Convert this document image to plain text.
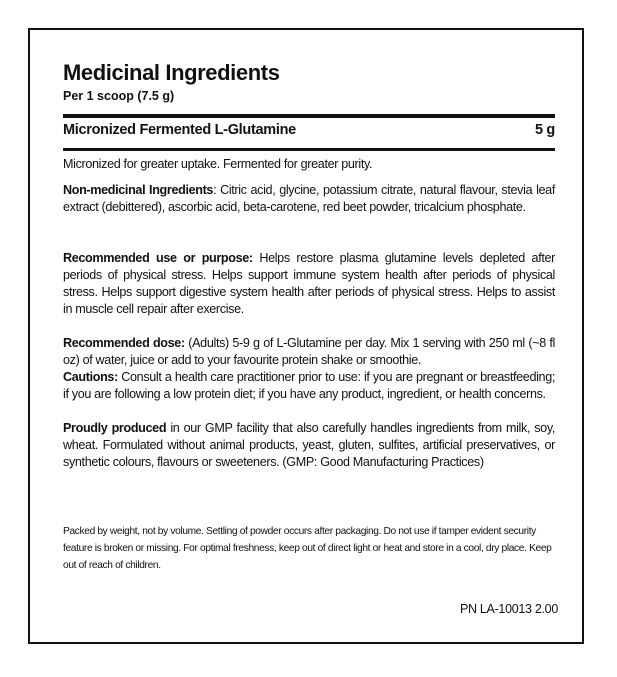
Medicinal Ingredients
Per 1 scoop (7.5 g)
Micronized Fermented L-Glutamine	5 g
Micronized for greater uptake. Fermented for greater purity.
Non-medicinal Ingredients: Citric acid, glycine, potassium citrate, natural flavour, stevia leaf extract (debittered), ascorbic acid, beta-carotene, red beet powder, tricalcium phosphate.
Recommended use or purpose: Helps restore plasma glutamine levels depleted after periods of physical stress. Helps support immune system health after periods of physical stress. Helps support digestive system health after periods of physical stress. Helps to assist in muscle cell repair after exercise.
Recommended dose: (Adults) 5-9 g of L-Glutamine per day. Mix 1 serving with 250 ml (~8 fl oz) of water, juice or add to your favourite protein shake or smoothie.
Cautions: Consult a health care practitioner prior to use: if you are pregnant or breastfeeding; if you are following a low protein diet; if you have any product, ingredient, or health concerns.
Proudly produced in our GMP facility that also carefully handles ingredients from milk, soy, wheat. Formulated without animal products, yeast, gluten, sulfites, artificial preservatives, or synthetic colours, flavours or sweeteners. (GMP: Good Manufacturing Practices)
Packed by weight, not by volume. Settling of powder occurs after packaging. Do not use if tamper evident security feature is broken or missing. For optimal freshness, keep out of direct light or heat and store in a cool, dry place. Keep out of reach of children.
PN LA-10013 2.00
